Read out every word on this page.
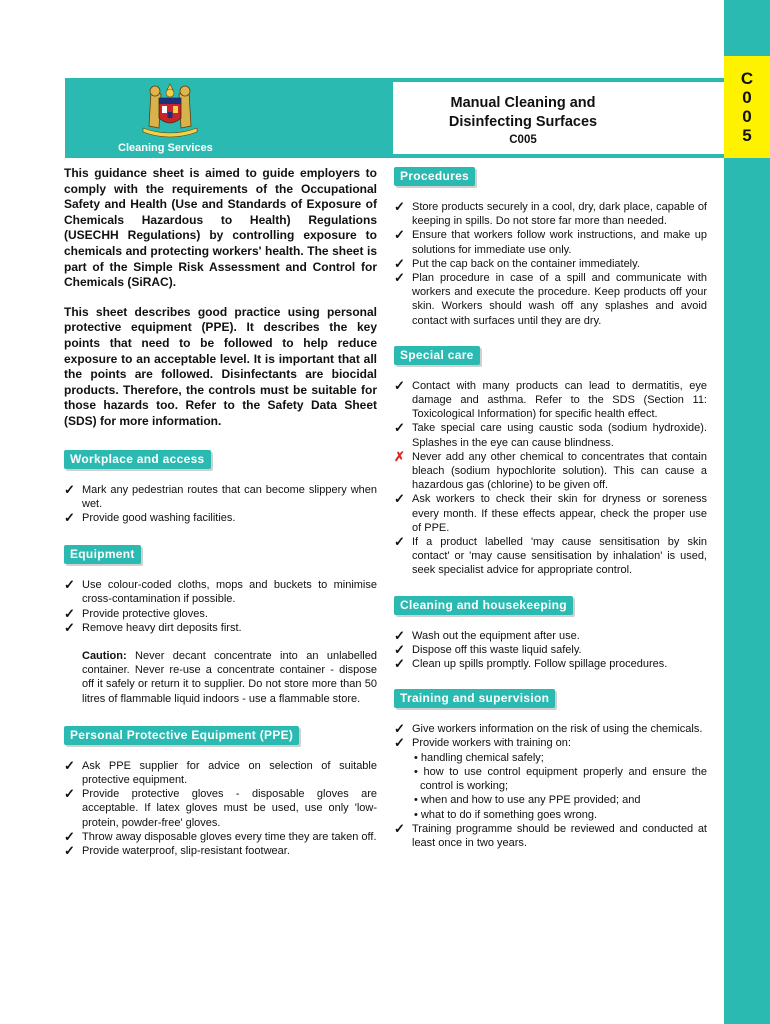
C
0
0
5
Cleaning Services
Manual Cleaning and
Disinfecting Surfaces
C005

This guidance sheet is aimed to guide employers to comply with the requirements of the Occupational Safety and Health (Use and Standards of Exposure of Chemicals Hazardous to Health) Regulations (USECHH Regulations) by controlling exposure to chemicals and protecting workers' health. The sheet is part of the Simple Risk Assessment and Control for Chemicals (SiRAC).

This sheet describes good practice using personal protective equipment (PPE). It describes the key points that need to be followed to help reduce exposure to an acceptable level. It is important that all the points are followed. Disinfectants are biocidal products. Therefore, the controls must be suitable for those hazards too. Refer to the Safety Data Sheet (SDS) for more information.

Workplace and access
✓ Mark any pedestrian routes that can become slippery when wet.
✓ Provide good washing facilities.
Equipment
✓ Use colour-coded cloths, mops and buckets to minimise cross-contamination if possible.
✓ Provide protective gloves.
✓ Remove heavy dirt deposits first.

Caution: Never decant concentrate into an unlabelled container. Never re-use a concentrate container - dispose off it safely or return it to supplier. Do not store more than 50 litres of flammable liquid indoors - use a flammable store.

Personal Protective Equipment (PPE)
✓ Ask PPE supplier for advice on selection of suitable protective equipment.
✓ Provide protective gloves - disposable gloves are acceptable. If latex gloves must be used, use only 'low-protein, powder-free' gloves.
✓ Throw away disposable gloves every time they are taken off.
✓ Provide waterproof, slip-resistant footwear.
Procedures
✓ Store products securely in a cool, dry, dark place, capable of keeping in spills. Do not store far more than needed.
✓ Ensure that workers follow work instructions, and make up solutions for immediate use only.
✓ Put the cap back on the container immediately.
✓ Plan procedure in case of a spill and communicate with workers and execute the procedure. Keep products off your skin. Workers should wash off any splashes and avoid contact with surfaces until they are dry.
Special care
✓ Contact with many products can lead to dermatitis, eye damage and asthma. Refer to the SDS (Section 11: Toxicological Information) for specific health effect.
✓ Take special care using caustic soda (sodium hydroxide). Splashes in the eye can cause blindness.
✗ Never add any other chemical to concentrates that contain bleach (sodium hypochlorite solution). This can cause a hazardous gas (chlorine) to be given off.
✓ Ask workers to check their skin for dryness or soreness every month. If these effects appear, check the proper use of PPE.
✓ If a product labelled 'may cause sensitisation by skin contact' or 'may cause sensitisation by inhalation' is used, seek specialist advice for appropriate control.
Cleaning and housekeeping
✓ Wash out the equipment after use.
✓ Dispose off this waste liquid safely.
✓ Clean up spills promptly. Follow spillage procedures.
Training and supervision
✓ Give workers information on the risk of using the chemicals.
✓ Provide workers with training on:
• handling chemical safely;
• how to use control equipment properly and ensure the control is working;
• when and how to use any PPE provided; and
• what to do if something goes wrong.
✓ Training programme should be reviewed and conducted at least once in two years.
